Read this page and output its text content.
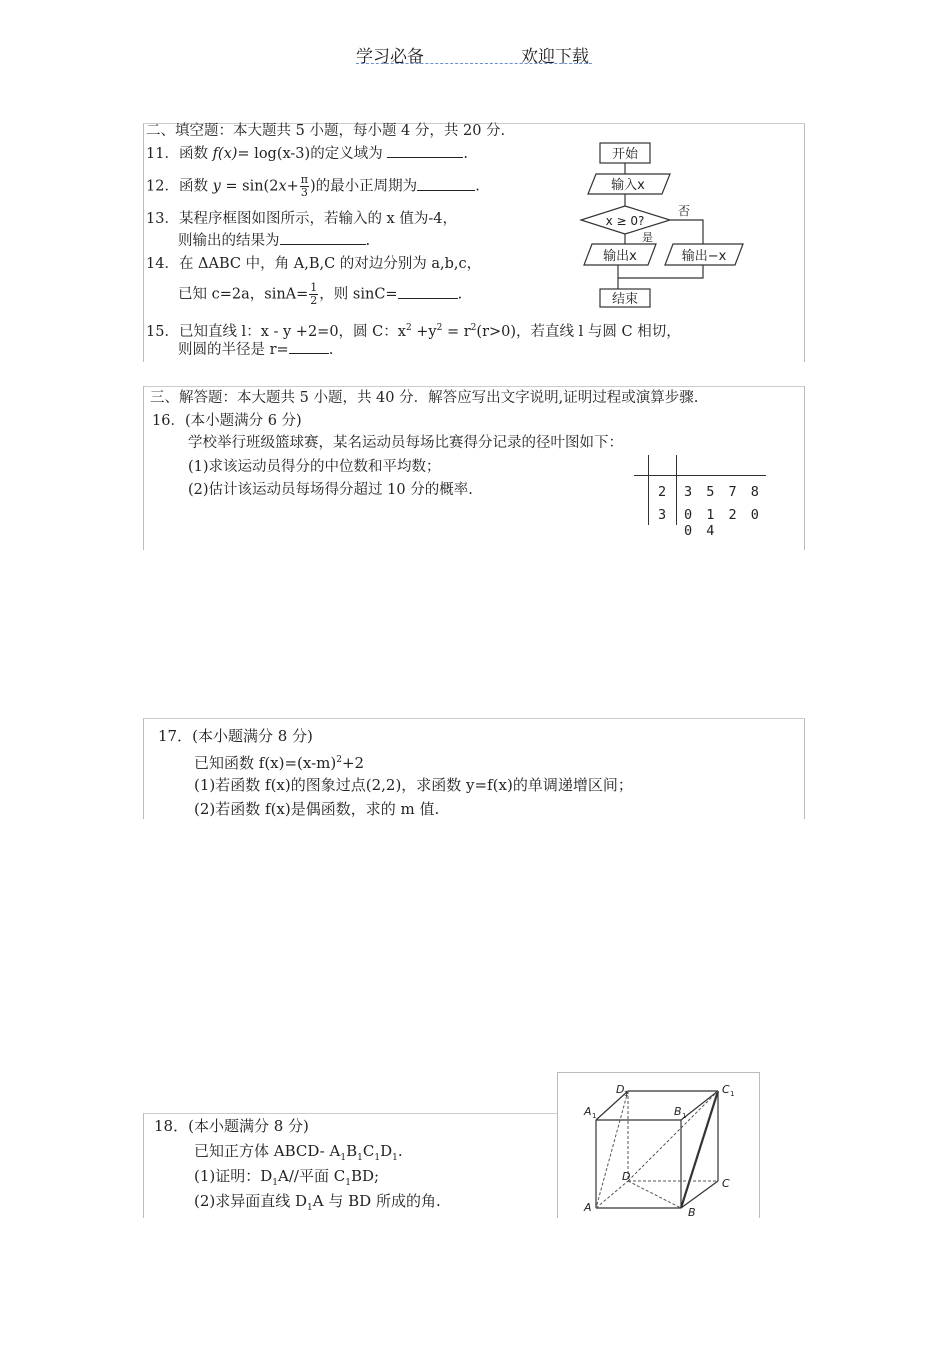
学习必备	欢迎下载
二、填空题：本大题共 5 小题，每小题 4 分，共 20 分.
11．函数 f(x)= log(x-3)的定义域为	.
12．函数 $y = \sin(2x+ \frac{\pi}{3}$ )的最小正周期为	.
13．某程序框图如图所示，若输入的 x 值为-4，
则输出的结果为	.
14．在 ΔABC 中，角 A,B,C 的对边分别为 a,b,c，
已知 c=2a，$\sin A= \frac{1}{2}$ ，则 sinC=	.
15．已知直线 l：x - y +2=0，圆 C：$x^2 +y^2 = r^2(r>0)$，若直线 l 与圆 C 相切，
则圆的半径是 r=	.
开始
输入x
x ≥ 0?
否
是
输出x	输出−x
结束
三、解答题：本大题共 5 小题，共 40 分．解答应写出文字说明,证明过程或演算步骤.
16．(本小题满分 6 分)
学校举行班级篮球赛，某名运动员每场比赛得分记录的径叶图如下：
(1)求该运动员得分的中位数和平均数；
(2)估计该运动员每场得分超过 10 分的概率.	2 3 5 7 8
3 0 1 2 0 0 4
17．(本小题满分 8 分)
已知函数 $f(x)=(x-m)^2+2$
(1)若函数 f(x)的图象过点(2,2)，求函数 y=f(x)的单调递增区间；
(2)若函数 f(x)是偶函数，求的 m 值.
18．(本小题满分 8 分)
已知正方体 ABCD- $A_1B_1C_1D_1$.
(1)证明：$D_1A//$平面 $C_1BD$;
(2)求异面直线 $D_1A$ 与 BD 所成的角.
D 1	C 1
A 1	B 1
D
C
A	B
